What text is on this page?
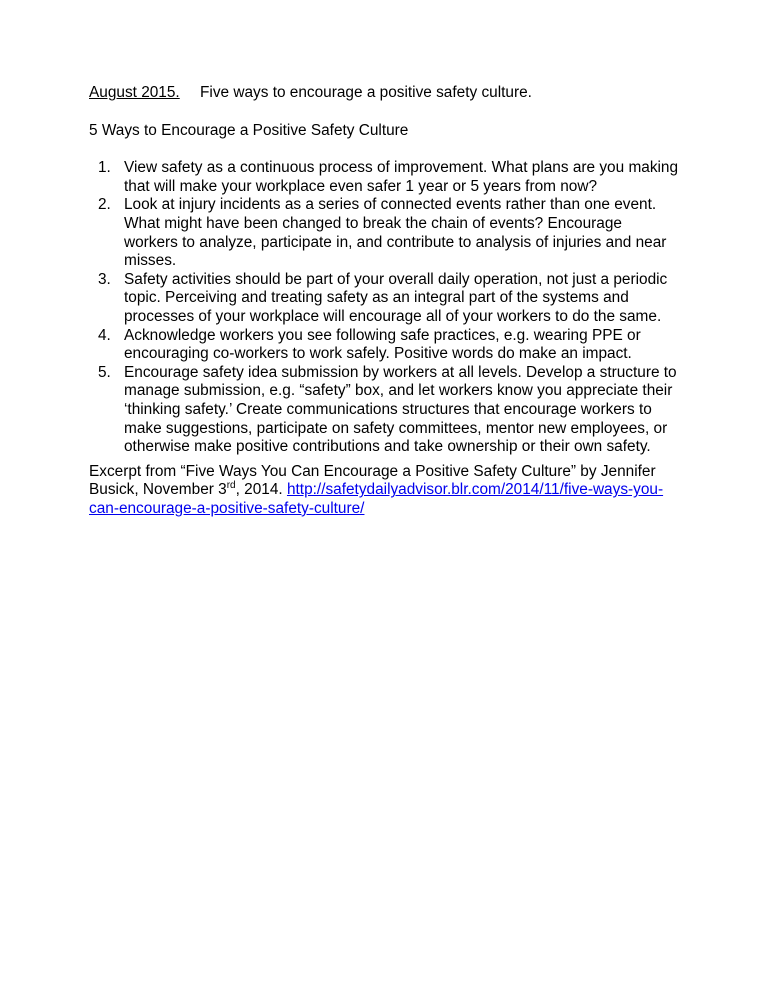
August 2015.	Five ways to encourage a positive safety culture.

5 Ways to Encourage a Positive Safety Culture

1. View safety as a continuous process of improvement. What plans are you making that will make your workplace even safer 1 year or 5 years from now?
2. Look at injury incidents as a series of connected events rather than one event. What might have been changed to break the chain of events? Encourage workers to analyze, participate in, and contribute to analysis of injuries and near misses.
3. Safety activities should be part of your overall daily operation, not just a periodic topic. Perceiving and treating safety as an integral part of the systems and processes of your workplace will encourage all of your workers to do the same.
4. Acknowledge workers you see following safe practices, e.g. wearing PPE or encouraging co-workers to work safely. Positive words do make an impact.
5. Encourage safety idea submission by workers at all levels. Develop a structure to manage submission, e.g. “safety” box, and let workers know you appreciate their ‘thinking safety.’ Create communications structures that encourage workers to make suggestions, participate on safety committees, mentor new employees, or otherwise make positive contributions and take ownership or their own safety.

Excerpt from “Five Ways You Can Encourage a Positive Safety Culture” by Jennifer Busick, November 3rd, 2014. http://safetydailyadvisor.blr.com/2014/11/five-ways-you-can-encourage-a-positive-safety-culture/
